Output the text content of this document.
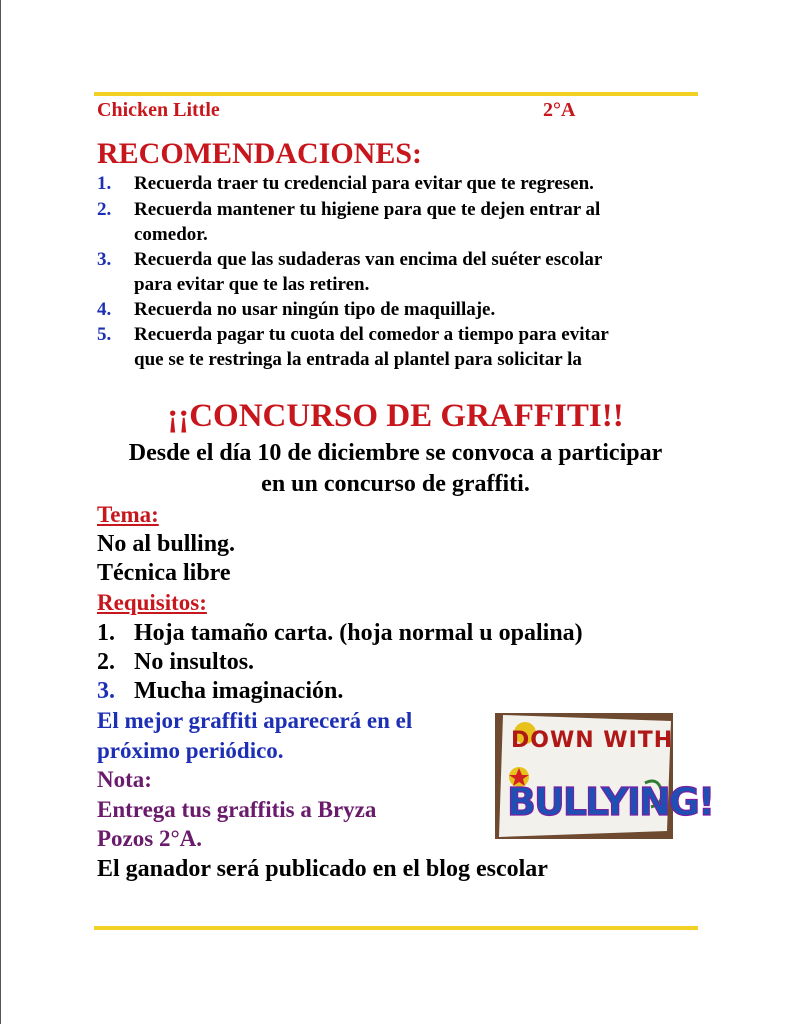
Chicken Little	2°A
RECOMENDACIONES:
1. Recuerda traer tu credencial para evitar que te regresen.
2. Recuerda mantener tu higiene para que te dejen entrar al
comedor.
3. Recuerda que las sudaderas van encima del suéter escolar
para evitar que te las retiren.
4. Recuerda no usar ningún tipo de maquillaje.
5. Recuerda pagar tu cuota del comedor a tiempo para evitar
que se te restringa la entrada al plantel para solicitar la
¡¡CONCURSO DE GRAFFITI!!
Desde el día 10 de diciembre se convoca a participar
en un concurso de graffiti.
Tema:
No al bulling.
Técnica libre
Requisitos:
1. Hoja tamaño carta. (hoja normal u opalina)
2. No insultos.
3. Mucha imaginación.
El mejor graffiti aparecerá en el
próximo periódico.
Nota:
Entrega tus graffitis a Bryza
Pozos 2°A.
El ganador será publicado en el blog escolar
DOWN WITH
BULLYING!
